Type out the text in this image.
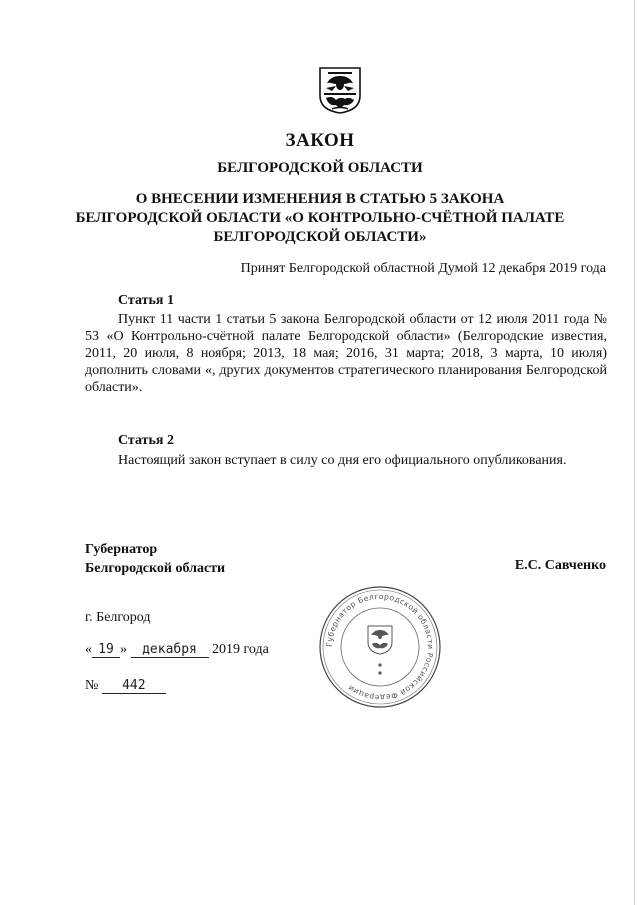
ЗАКОН
БЕЛГОРОДСКОЙ ОБЛАСТИ
О ВНЕСЕНИИ ИЗМЕНЕНИЯ В СТАТЬЮ 5 ЗАКОНА
БЕЛГОРОДСКОЙ ОБЛАСТИ «О КОНТРОЛЬНО-СЧЁТНОЙ ПАЛАТЕ
БЕЛГОРОДСКОЙ ОБЛАСТИ»
Принят Белгородской областной Думой 12 декабря 2019 года
Статья 1

Пункт 11 части 1 статьи 5 закона Белгородской области от 12 июля 2011 года № 53 «О Контрольно-счётной палате Белгородской области» (Белгородские известия, 2011, 20 июля, 8 ноября; 2013, 18 мая; 2016, 31 марта; 2018, 3 марта, 10 июля) дополнить словами «, других документов стратегического планирования Белгородской области».

Статья 2

Настоящий закон вступает в силу со дня его официального опубликования.

Губернатор
Белгородской области	Е.С. Савченко
г. Белгород
« 19 » декабря 2019 года
№ 442
Губернатор Белгородской области Российской Федерации
